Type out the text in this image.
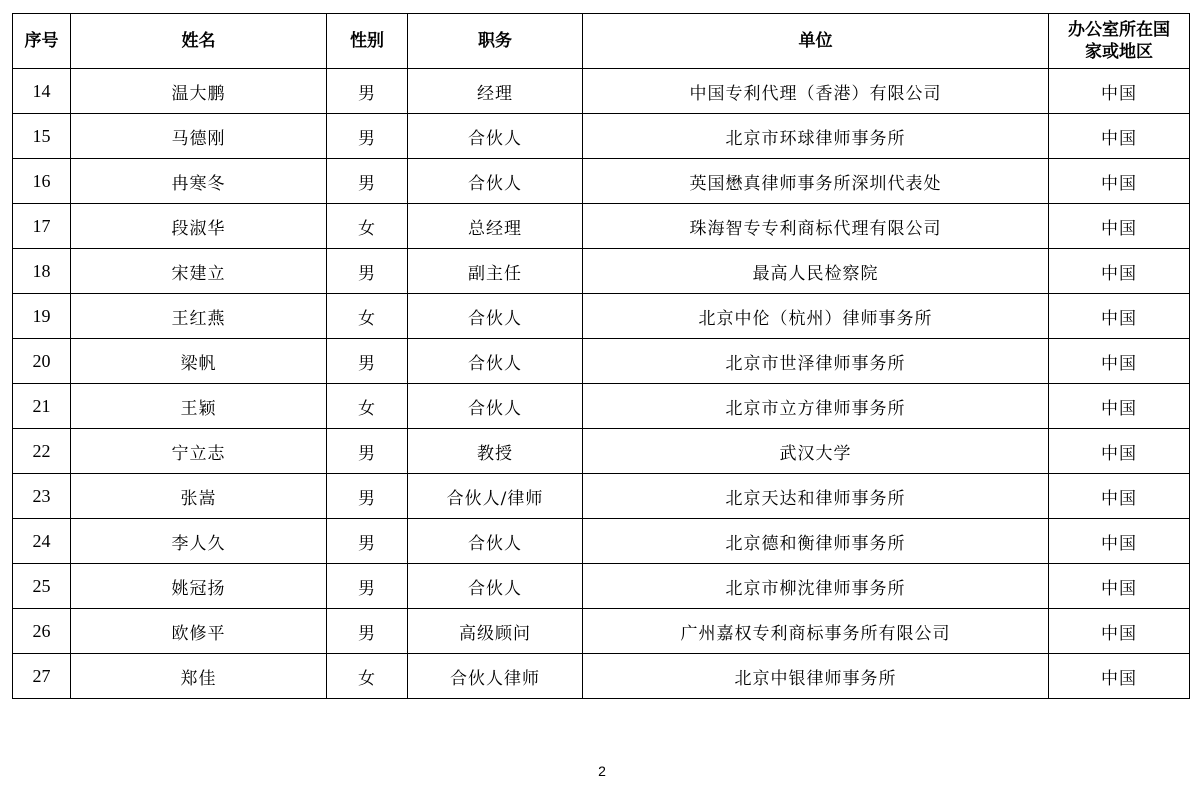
序号	姓名	性别	职务	单位	办公室所在国
家或地区
14	温大鹏	男	经理	中国专利代理（香港）有限公司	中国
15	马德刚	男	合伙人	北京市环球律师事务所	中国
16	冉寒冬	男	合伙人	英国懋真律师事务所深圳代表处	中国
17	段淑华	女	总经理	珠海智专专利商标代理有限公司	中国
18	宋建立	男	副主任	最高人民检察院	中国
19	王红燕	女	合伙人	北京中伦（杭州）律师事务所	中国
20	梁帆	男	合伙人	北京市世泽律师事务所	中国
21	王颖	女	合伙人	北京市立方律师事务所	中国
22	宁立志	男	教授	武汉大学	中国
23	张嵩	男	合伙人/律师	北京天达和律师事务所	中国
24	李人久	男	合伙人	北京德和衡律师事务所	中国
25	姚冠扬	男	合伙人	北京市柳沈律师事务所	中国
26	欧修平	男	高级顾问	广州嘉权专利商标事务所有限公司	中国
27	郑佳	女	合伙人律师	北京中银律师事务所	中国
2
